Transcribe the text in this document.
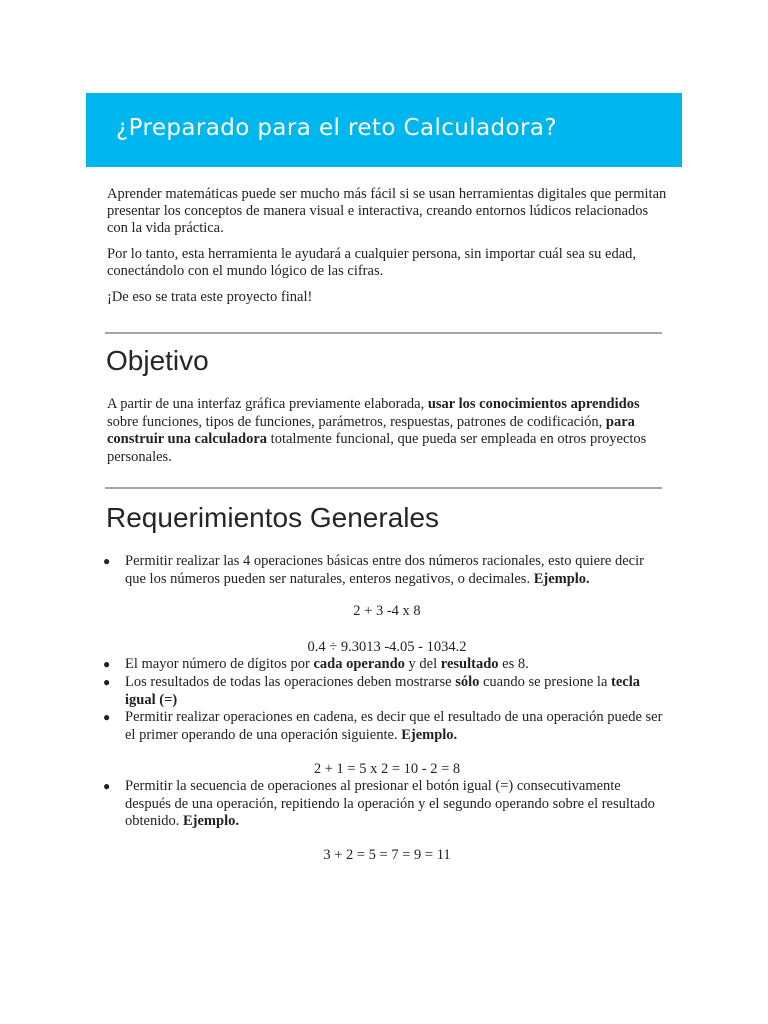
¿Preparado para el reto Calculadora?

Aprender matemáticas puede ser mucho más fácil si se usan herramientas digitales que permitan presentar los conceptos de manera visual e interactiva, creando entornos lúdicos relacionados con la vida práctica.

Por lo tanto, esta herramienta le ayudará a cualquier persona, sin importar cuál sea su edad, conectándolo con el mundo lógico de las cifras.

¡De eso se trata este proyecto final!

Objetivo
A partir de una interfaz gráfica previamente elaborada, usar los conocimientos aprendidos sobre funciones, tipos de funciones, parámetros, respuestas, patrones de codificación, para construir una calculadora totalmente funcional, que pueda ser empleada en otros proyectos personales.
Requerimientos Generales
● Permitir realizar las 4 operaciones básicas entre dos números racionales, esto quiere decir que los números pueden ser naturales, enteros negativos, o decimales. Ejemplo.
2 + 3 -4 x 8
0.4 ÷ 9.3013 -4.05 - 1034.2
● El mayor número de dígitos por cada operando y del resultado es 8.
● Los resultados de todas las operaciones deben mostrarse sólo cuando se presione la tecla igual (=)
● Permitir realizar operaciones en cadena, es decir que el resultado de una operación puede ser el primer operando de una operación siguiente. Ejemplo.
2 + 1 = 5 x 2 = 10 - 2 = 8
● Permitir la secuencia de operaciones al presionar el botón igual (=) consecutivamente después de una operación, repitiendo la operación y el segundo operando sobre el resultado obtenido. Ejemplo.
3 + 2 = 5 = 7 = 9 = 11
